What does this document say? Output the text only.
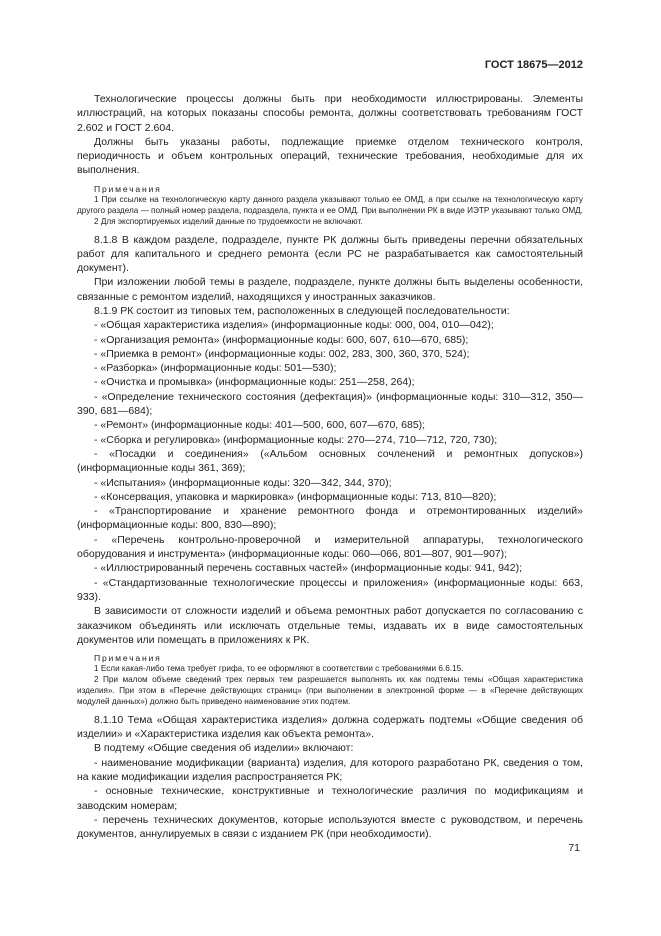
ГОСТ 18675—2012

Технологические процессы должны быть при необходимости иллюстрированы. Элементы иллюстраций, на которых показаны способы ремонта, должны соответствовать требованиям ГОСТ 2.602 и ГОСТ 2.604.

Должны быть указаны работы, подлежащие приемке отделом технического контроля, периодичность и объем контрольных операций, технические требования, необходимые для их выполнения.

Примечания

1 При ссылке на технологическую карту данного раздела указывают только ее ОМД, а при ссылке на технологическую карту другого раздела — полный номер раздела, подраздела, пункта и ее ОМД. При выполнении РК в виде ИЭТР указывают только ОМД.

2 Для экспортируемых изделий данные по трудоемкости не включают.

8.1.8 В каждом разделе, подразделе, пункте РК должны быть приведены перечни обязательных работ для капитального и среднего ремонта (если РС не разрабатывается как самостоятельный документ).

При изложении любой темы в разделе, подразделе, пункте должны быть выделены особенности, связанные с ремонтом изделий, находящихся у иностранных заказчиков.

8.1.9 РК состоит из типовых тем, расположенных в следующей последовательности:

- «Общая характеристика изделия» (информационные коды: 000, 004, 010—042);

- «Организация ремонта» (информационные коды: 600, 607, 610—670, 685);

- «Приемка в ремонт» (информационные коды: 002, 283, 300, 360, 370, 524);

- «Разборка» (информационные коды: 501—530);

- «Очистка и промывка» (информационные коды: 251—258, 264);

- «Определение технического состояния (дефектация)» (информационные коды: 310—312, 350—390, 681—684);

- «Ремонт» (информационные коды: 401—500, 600, 607—670, 685);

- «Сборка и регулировка» (информационные коды: 270—274, 710—712, 720, 730);

- «Посадки и соединения» («Альбом основных сочленений и ремонтных допусков») (информационные коды 361, 369);

- «Испытания» (информационные коды: 320—342, 344, 370);

- «Консервация, упаковка и маркировка» (информационные коды: 713, 810—820);

- «Транспортирование и хранение ремонтного фонда и отремонтированных изделий» (информационные коды: 800, 830—890);

- «Перечень контрольно-проверочной и измерительной аппаратуры, технологического оборудования и инструмента» (информационные коды: 060—066, 801—807, 901—907);

- «Иллюстрированный перечень составных частей» (информационные коды: 941, 942);

- «Стандартизованные технологические процессы и приложения» (информационные коды: 663, 933).

В зависимости от сложности изделий и объема ремонтных работ допускается по согласованию с заказчиком объединять или исключать отдельные темы, издавать их в виде самостоятельных документов или помещать в приложениях к РК.

Примечания

1 Если какая-либо тема требует грифа, то ее оформляют в соответствии с требованиями 6.6.15.

2 При малом объеме сведений трех первых тем разрешается выполнять их как подтемы темы «Общая характеристика изделия». При этом в «Перечне действующих страниц» (при выполнении в электронной форме — в «Перечне действующих модулей данных») должно быть приведено наименование этих подтем.

8.1.10 Тема «Общая характеристика изделия» должна содержать подтемы «Общие сведения об изделии» и «Характеристика изделия как объекта ремонта».

В подтему «Общие сведения об изделии» включают:

- наименование модификации (варианта) изделия, для которого разработано РК, сведения о том, на какие модификации изделия распространяется РК;

- основные технические, конструктивные и технологические различия по модификациям и заводским номерам;

- перечень технических документов, которые используются вместе с руководством, и перечень документов, аннулируемых в связи с изданием РК (при необходимости).

71
